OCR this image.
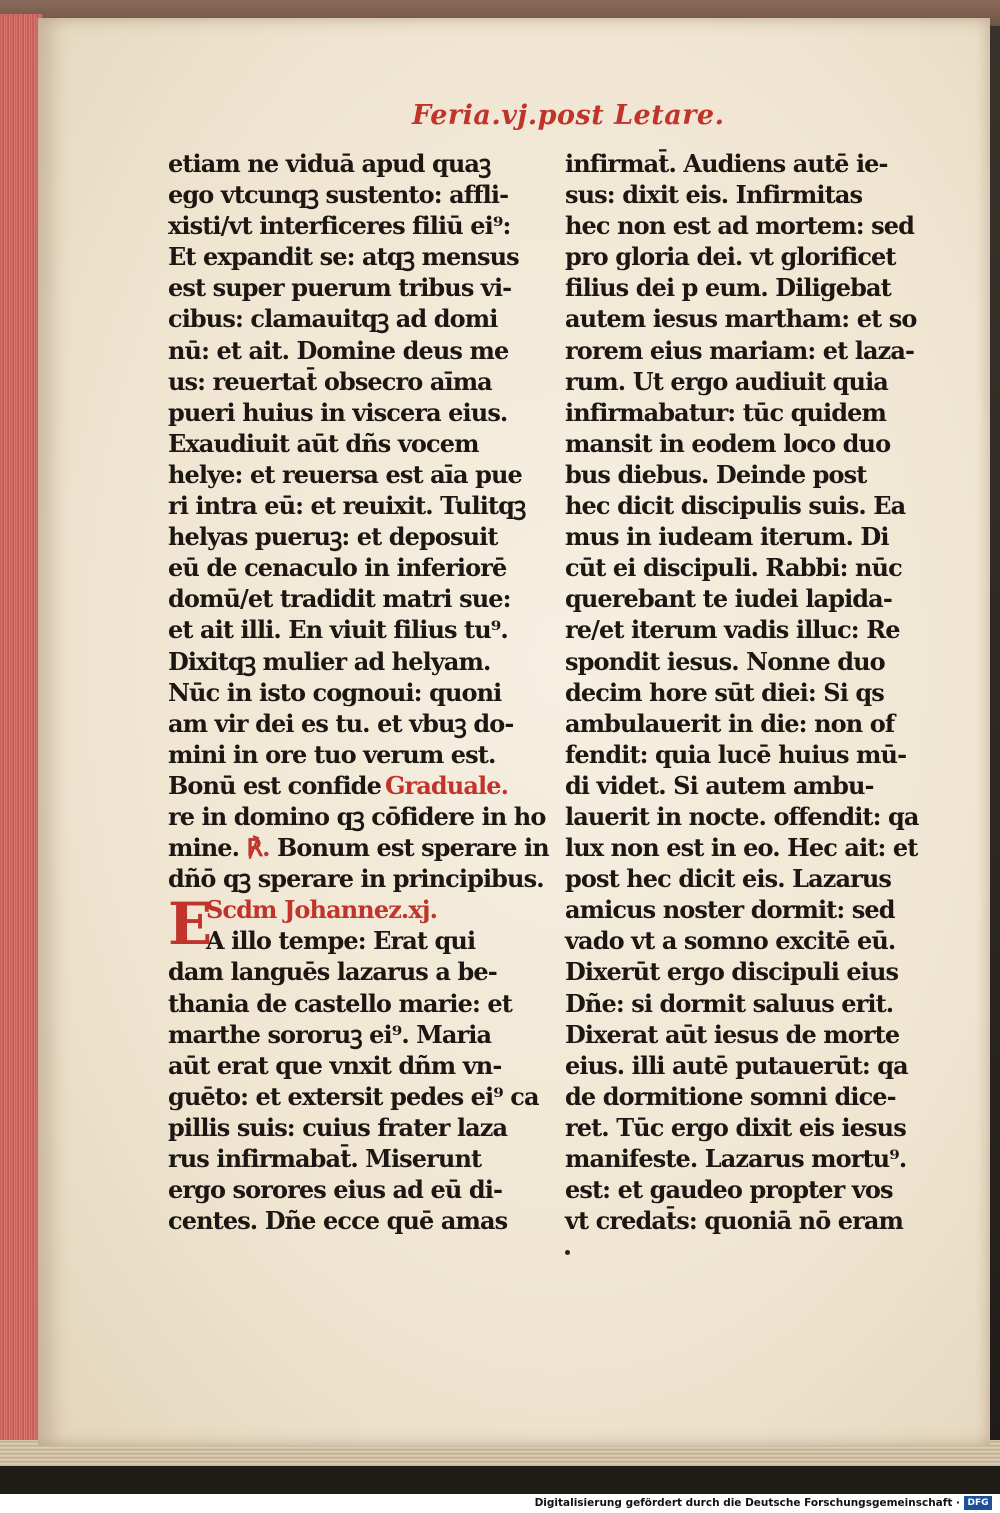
Feria.vj.post Letare.
etiam ne viduā apud quaꝫ
ego vtcunqꝫ sustento: affli-
xisti/vt interficeres filiū ei⁹:
Et expandit se: atqꝫ mensus
est super puerum tribus vi-
cibus: clamauitqꝫ ad domi
nū: et ait. Domine deus me
us: reuertat̄ obsecro aīma
pueri huius in viscera eius.
Exaudiuit aūt dñs vocem
helye: et reuersa est aīa pue
ri intra eū: et reuixit. Tulitqꝫ
helyas pueruꝫ: et deposuit
eū de cenaculo in inferiorē
domū/et tradidit matri sue:
et ait illi. En viuit filius tu⁹.
Dixitqꝫ mulier ad helyam.
Nūc in isto cognoui: quoni
am vir dei es tu. et vbuꝫ do-
mini in ore tuo verum est.
Bonū est confide Graduale.
re in domino qꝫ cōfidere in ho
mine. ℟. Bonum est sperare in
dñō qꝫ sperare in principibus.
E
Scdm Johannez.xj.
A illo tempe: Erat qui
dam languēs lazarus a be-
thania de castello marie: et
marthe sororuꝫ ei⁹. Maria
aūt erat que vnxit dñm vn-
guēto: et extersit pedes ei⁹ ca
pillis suis: cuius frater laza
rus infirmabat̄. Miserunt
ergo sorores eius ad eū di-
centes. Dñe ecce quē amas
infirmat̄. Audiens autē ie-
sus: dixit eis. Infirmitas
hec non est ad mortem: sed
pro gloria dei. vt glorificet
filius dei p eum. Diligebat
autem iesus martham: et so
rorem eius mariam: et laza-
rum. Ut ergo audiuit quia
infirmabatur: tūc quidem
mansit in eodem loco duo
bus diebus. Deinde post
hec dicit discipulis suis. Ea
mus in iudeam iterum. Di
cūt ei discipuli. Rabbi: nūc
querebant te iudei lapida-
re/et iterum vadis illuc: Re
spondit iesus. Nonne duo
decim hore sūt diei: Si qs
ambulauerit in die: non of
fendit: quia lucē huius mū-
di videt. Si autem ambu-
lauerit in nocte. offendit: qa
lux non est in eo. Hec ait: et
post hec dicit eis. Lazarus
amicus noster dormit: sed
vado vt a somno excitē eū.
Dixerūt ergo discipuli eius
Dñe: si dormit saluus erit.
Dixerat aūt iesus de morte
eius. illi autē putauerūt: qa
de dormitione somni dice-
ret. Tūc ergo dixit eis iesus
manifeste. Lazarus mortu⁹.
est: et gaudeo propter vos
vt credat̄s: quoniā nō eram
Digitalisierung gefördert durch die Deutsche Forschungsgemeinschaft · DFG
